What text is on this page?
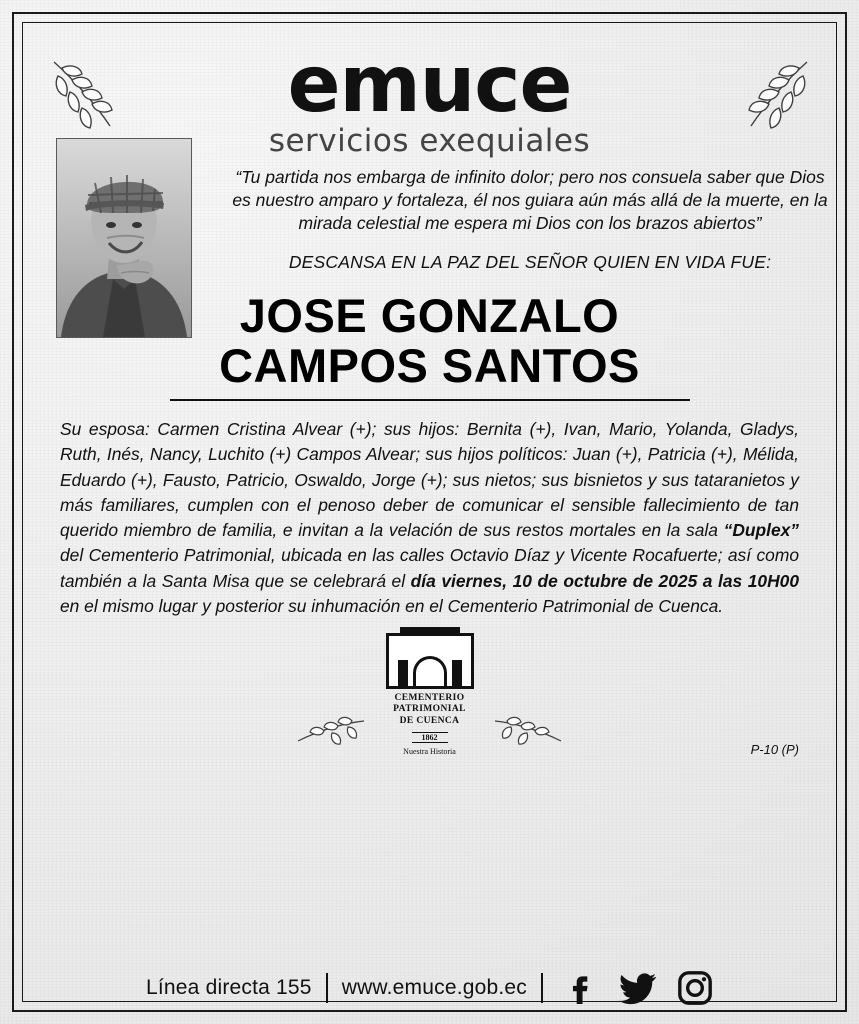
emuce
servicios exequiales
“Tu partida nos embarga de infinito dolor; pero nos consuela saber que Dios es nuestro amparo y fortaleza, él nos guiara aún más allá de la muerte, en la mirada celestial me espera mi Dios con los brazos abiertos”
DESCANSA EN LA PAZ DEL SEÑOR QUIEN EN VIDA FUE:
JOSE GONZALO
CAMPOS SANTOS
Su esposa: Carmen Cristina Alvear (+); sus hijos: Bernita (+), Ivan, Mario, Yolanda, Gladys, Ruth, Inés, Nancy, Luchito (+) Campos Alvear; sus hijos políticos: Juan (+), Patricia (+), Mélida, Eduardo (+), Fausto, Patricio, Oswaldo, Jorge (+); sus nietos; sus bisnietos y sus tataranietos y más familiares, cumplen con el penoso deber de comunicar el sensible fallecimiento de tan querido miembro de familia, e invitan a la velación de sus restos mortales en la sala “Duplex” del Cementerio Patrimonial, ubicada en las calles Octavio Díaz y Vicente Rocafuerte; así como también a la Santa Misa que se celebrará el día viernes, 10 de octubre de 2025 a las 10H00 en el mismo lugar y posterior su inhumación en el Cementerio Patrimonial de Cuenca.
CEMENTERIO
PATRIMONIAL
DE CUENCA
1862
Nuestra Historia	P-10 (P)
Línea directa 155 www.emuce.gob.ec
